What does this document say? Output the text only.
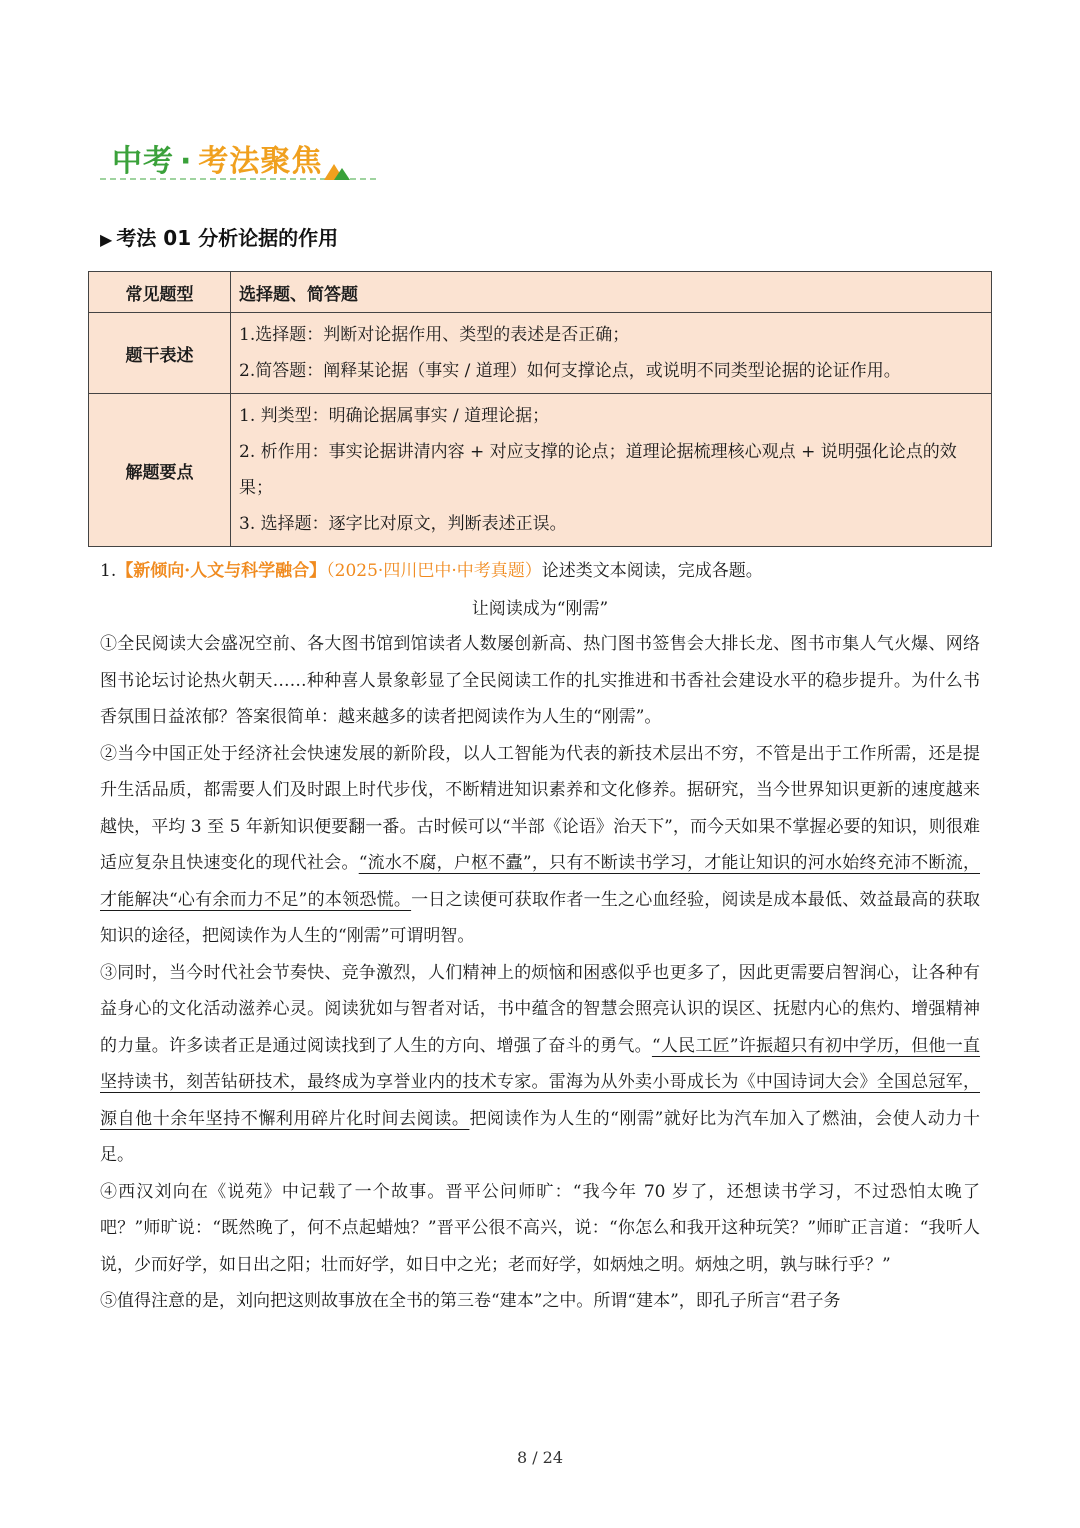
中考 · 考法聚焦
▶ 考法 01 分析论据的作用
常见题型	选择题、简答题
题干表述	1.选择题：判断对论据作用、类型的表述是否正确；
2.简答题：阐释某论据（事实 / 道理）如何支撑论点，或说明不同类型论据的论证作用。

解题要点	1. 判类型：明确论据属事实 / 道理论据；
2. 析作用：事实论据讲清内容 + 对应支撑的论点；道理论据梳理核心观点 + 说明强化论点的效果；
3. 选择题：逐字比对原文，判断表述正误。
1.【新倾向·人文与科学融合】（2025·四川巴中·中考真题）论述类文本阅读，完成各题。
让阅读成为“刚需”

①全民阅读大会盛况空前、各大图书馆到馆读者人数屡创新高、热门图书签售会大排长龙、图书市集人气火爆、网络图书论坛讨论热火朝天……种种喜人景象彰显了全民阅读工作的扎实推进和书香社会建设水平的稳步提升。为什么书香氛围日益浓郁？答案很简单：越来越多的读者把阅读作为人生的“刚需”。

②当今中国正处于经济社会快速发展的新阶段，以人工智能为代表的新技术层出不穷，不管是出于工作所需，还是提升生活品质，都需要人们及时跟上时代步伐，不断精进知识素养和文化修养。据研究，当今世界知识更新的速度越来越快，平均 3 至 5 年新知识便要翻一番。古时候可以“半部《论语》治天下”，而今天如果不掌握必要的知识，则很难适应复杂且快速变化的现代社会。“流水不腐，户枢不蠹”，只有不断读书学习，才能让知识的河水始终充沛不断流，才能解决“心有余而力不足”的本领恐慌。一日之读便可获取作者一生之心血经验，阅读是成本最低、效益最高的获取知识的途径，把阅读作为人生的“刚需”可谓明智。

③同时，当今时代社会节奏快、竞争激烈，人们精神上的烦恼和困惑似乎也更多了，因此更需要启智润心，让各种有益身心的文化活动滋养心灵。阅读犹如与智者对话，书中蕴含的智慧会照亮认识的误区、抚慰内心的焦灼、增强精神的力量。许多读者正是通过阅读找到了人生的方向、增强了奋斗的勇气。“人民工匠”许振超只有初中学历，但他一直坚持读书，刻苦钻研技术，最终成为享誉业内的技术专家。雷海为从外卖小哥成长为《中国诗词大会》全国总冠军，源自他十余年坚持不懈利用碎片化时间去阅读。把阅读作为人生的“刚需”就好比为汽车加入了燃油，会使人动力十足。

④西汉刘向在《说苑》中记载了一个故事。晋平公问师旷：“我今年 70 岁了，还想读书学习，不过恐怕太晚了吧？”师旷说：“既然晚了，何不点起蜡烛？”晋平公很不高兴，说：“你怎么和我开这种玩笑？”师旷正言道：“我听人说，少而好学，如日出之阳；壮而好学，如日中之光；老而好学，如炳烛之明。炳烛之明，孰与昧行乎？”

⑤值得注意的是，刘向把这则故事放在全书的第三卷“建本”之中。所谓“建本”，即孔子所言“君子务

8 / 24
